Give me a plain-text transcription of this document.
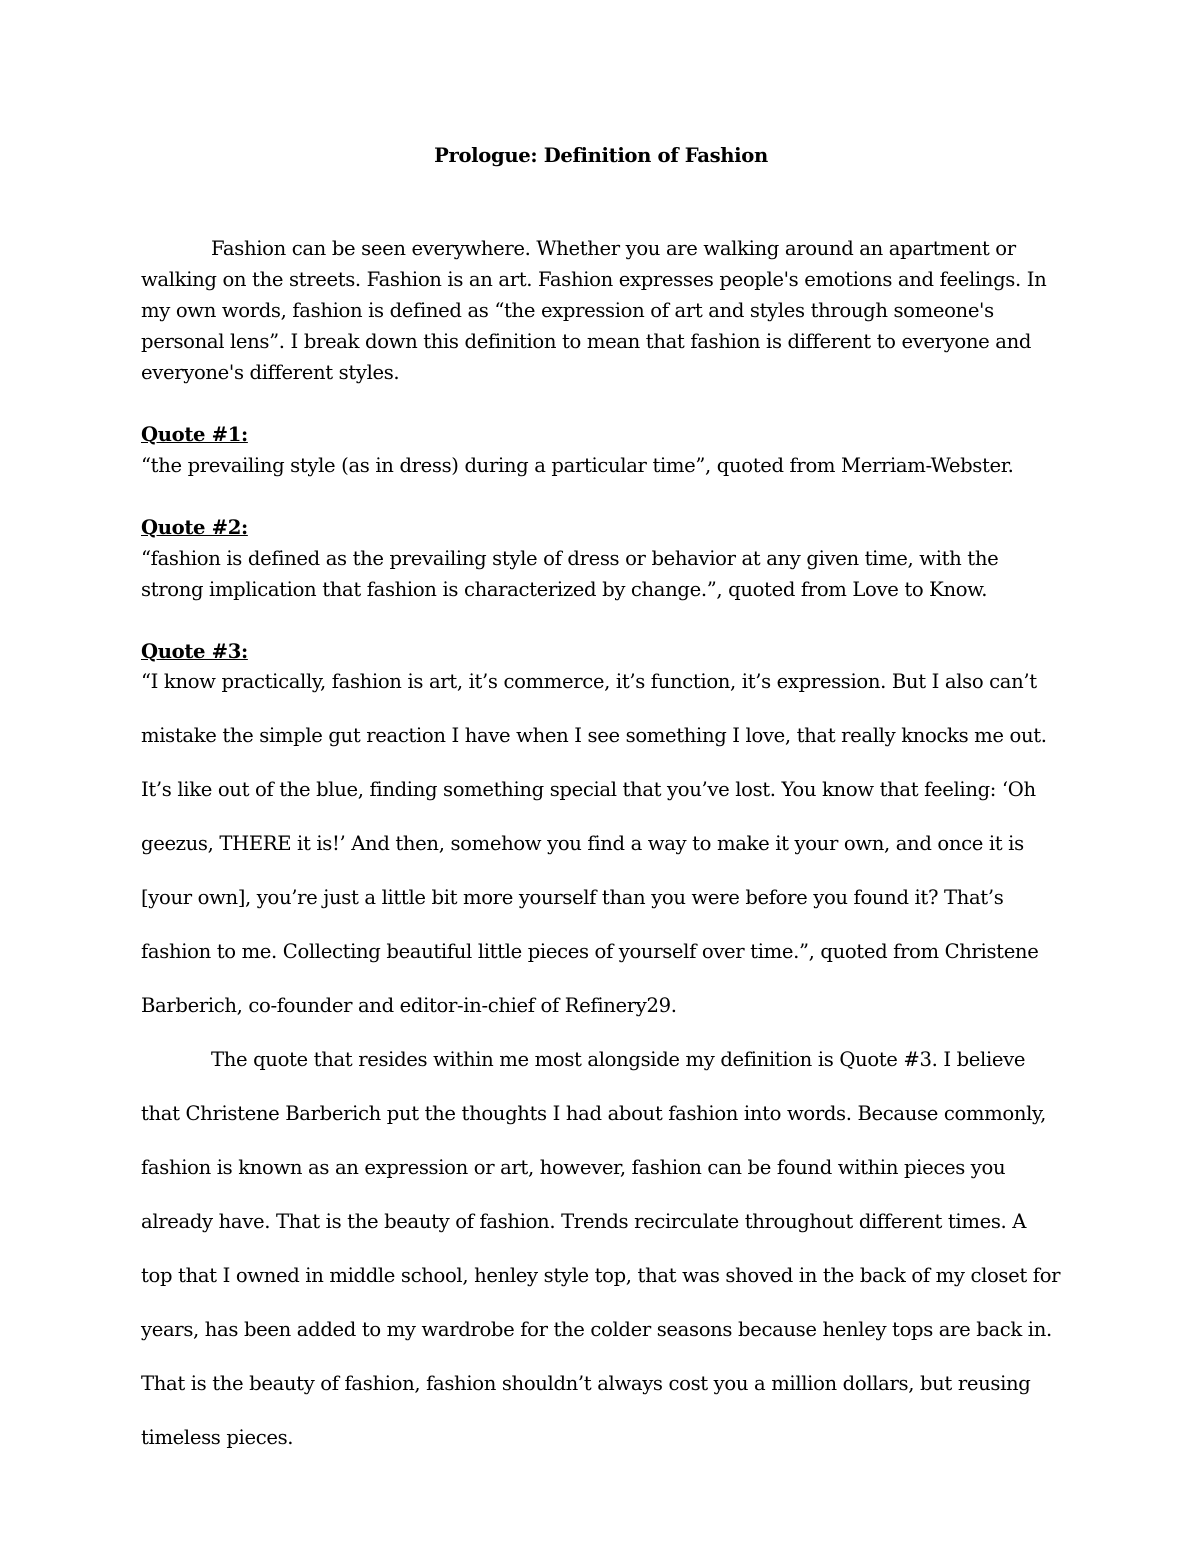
Prologue: Definition of Fashion

Fashion can be seen everywhere. Whether you are walking around an apartment or walking on the streets. Fashion is an art. Fashion expresses people's emotions and feelings. In my own words, fashion is defined as “the expression of art and styles through someone's personal lens”. I break down this definition to mean that fashion is different to everyone and everyone's different styles.

Quote #1:

“the prevailing style (as in dress) during a particular time”, quoted from Merriam-Webster.

Quote #2:

“fashion is defined as the prevailing style of dress or behavior at any given time, with the strong implication that fashion is characterized by change.”, quoted from Love to Know.

Quote #3:

“I know practically, fashion is art, it’s commerce, it’s function, it’s expression. But I also can’t mistake the simple gut reaction I have when I see something I love, that really knocks me out. It’s like out of the blue, finding something special that you’ve lost. You know that feeling: ‘Oh geezus, THERE it is!’ And then, somehow you find a way to make it your own, and once it is [your own], you’re just a little bit more yourself than you were before you found it? That’s fashion to me. Collecting beautiful little pieces of yourself over time.”, quoted from Christene Barberich, co-founder and editor-in-chief of Refinery29.

The quote that resides within me most alongside my definition is Quote #3. I believe that Christene Barberich put the thoughts I had about fashion into words. Because commonly, fashion is known as an expression or art, however, fashion can be found within pieces you already have. That is the beauty of fashion. Trends recirculate throughout different times. A top that I owned in middle school, henley style top, that was shoved in the back of my closet for years, has been added to my wardrobe for the colder seasons because henley tops are back in. That is the beauty of fashion, fashion shouldn’t always cost you a million dollars, but reusing timeless pieces.
